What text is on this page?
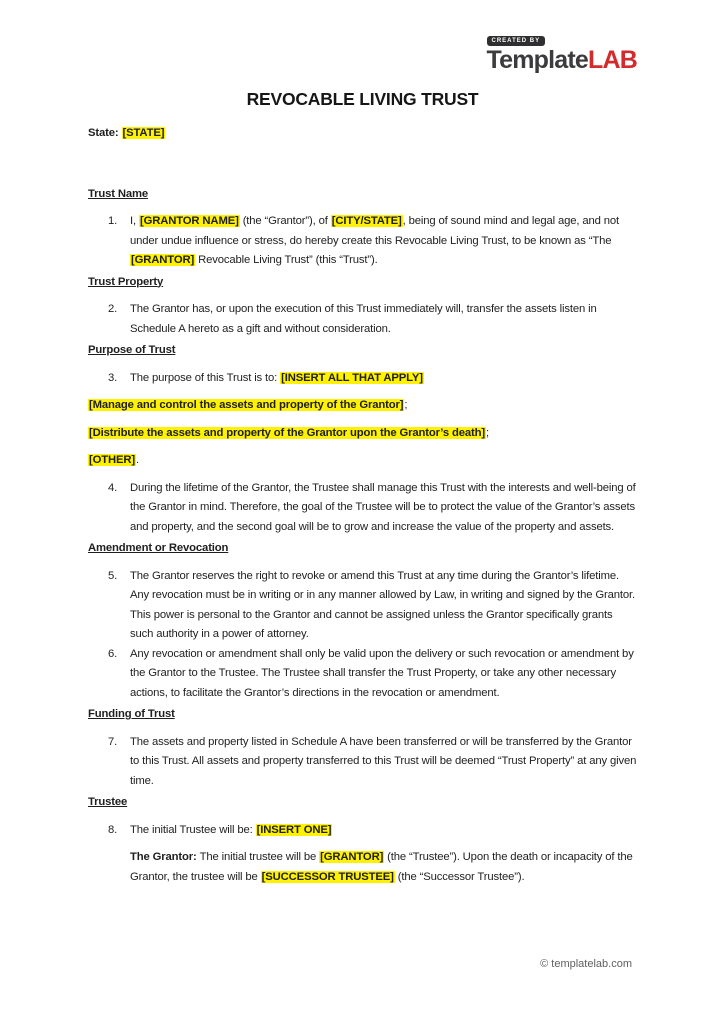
CREATED BY
TemplateLAB
REVOCABLE LIVING TRUST
State: [STATE]
Trust Name
1.	I, [GRANTOR NAME] (the “Grantor”), of [CITY/STATE], being of sound mind and legal age, and not under undue influence or stress, do hereby create this Revocable Living Trust, to be known as “The [GRANTOR] Revocable Living Trust” (this “Trust”).
Trust Property
2.	The Grantor has, or upon the execution of this Trust immediately will, transfer the assets listen in Schedule A hereto as a gift and without consideration.
Purpose of Trust
3.	The purpose of this Trust is to: [INSERT ALL THAT APPLY]
[Manage and control the assets and property of the Grantor];
[Distribute the assets and property of the Grantor upon the Grantor’s death];
[OTHER].
4.	During the lifetime of the Grantor, the Trustee shall manage this Trust with the interests and well-being of the Grantor in mind. Therefore, the goal of the Trustee will be to protect the value of the Grantor’s assets and property, and the second goal will be to grow and increase the value of the property and assets.
Amendment or Revocation
5.	The Grantor reserves the right to revoke or amend this Trust at any time during the Grantor’s lifetime. Any revocation must be in writing or in any manner allowed by Law, in writing and signed by the Grantor. This power is personal to the Grantor and cannot be assigned unless the Grantor specifically grants such authority in a power of attorney.
6.	Any revocation or amendment shall only be valid upon the delivery or such revocation or amendment by the Grantor to the Trustee. The Trustee shall transfer the Trust Property, or take any other necessary actions, to facilitate the Grantor’s directions in the revocation or amendment.
Funding of Trust
7.	The assets and property listed in Schedule A have been transferred or will be transferred by the Grantor to this Trust. All assets and property transferred to this Trust will be deemed “Trust Property” at any given time.
Trustee
8.	The initial Trustee will be: [INSERT ONE]
The Grantor: The initial trustee will be [GRANTOR] (the “Trustee”). Upon the death or incapacity of the Grantor, the trustee will be [SUCCESSOR TRUSTEE] (the “Successor Trustee”).
© templatelab.com
